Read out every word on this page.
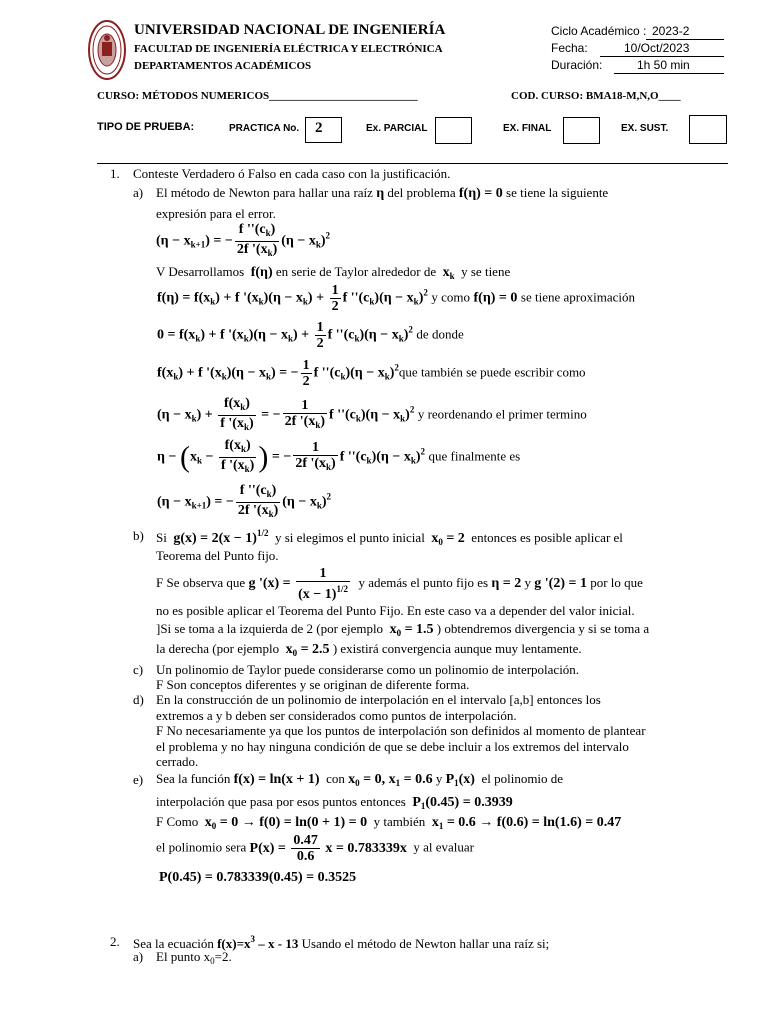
UNIVERSIDAD NACIONAL DE INGENIERÍA
FACULTAD DE INGENIERÍA ELÉCTRICA Y ELECTRÓNICA
DEPARTAMENTOS ACADÉMICOS
Ciclo Académico : 2023-2
Fecha:	10/Oct/2023
Duración:	1h 50 min
CURSO: MÉTODOS NUMERICOS___________________________	COD. CURSO: BMA18-M,N,O____
TIPO DE PRUEBA:	PRACTICA No. 2	Ex. PARCIAL	EX. FINAL	EX. SUST.
1. Conteste Verdadero ó Falso en cada caso con la justificación.
a) El método de Newton para hallar una raíz η del problema f(η) = 0 se tiene la siguiente
expresión para el error.
$(\eta - x_{k+1})$ = − $\frac{f ''(c_k)}{2f '(x_k)} (\eta - x_k)^2$
V Desarrollamos f(η) en serie de Taylor alrededor de $x_k$ y se tiene
$f(\eta) = f(x_k) + f$ '$(x_k)(\eta - x_k) + \frac{1}{2}$ f ''$(c_k)(\eta - x_k)^2$ y como f(η) = 0 se tiene aproximación
$0 = f(x_k) + f$ '$(x_k)(\eta - x_k) + \frac{1}{2}$ f ''$(c_k)(\eta - x_k)^2$ de donde
$f(x_k) + f$ '$(x_k)(\eta - x_k)$ = − $\frac{1}{2}$ f ''$(c_k)(\eta - x_k)^2que$ también se puede escribir como
$(\eta - x_k) + \frac{f(x_k)}{f '(x_k)}$ = − $\frac{1}{2f '(x_k)}$ f ''$(c_k)(\eta - x_k)^2$ y reordenando el primer termino
$\eta - (x_k - \frac{f(x_k)}{f '(x_k)}$ ) = − $\frac{1}{2f '(x_k)}$ f ''$(c_k)(\eta - x_k)^2$ que finalmente es
$(\eta - x_{k+1})$ = − $\frac{f ''(c_k)}{2f '(x_k)} (\eta - x_k)^2$
b) Si $g(x) = 2(x - 1)^{1/2}$ y si elegimos el punto inicial $x_0 = 2$ entonces es posible aplicar el
Teorema del Punto fijo.
F Se observa que g '$(x) = \frac{1}{(x - 1)^{1/2}}$ y además el punto fijo es η = 2 y g '(2) = 1 por lo que
no es posible aplicar el Teorema del Punto Fijo. En este caso va a depender del valor inicial.
]Si se toma a la izquierda de 2 (por ejemplo $x_0 = 1.5$ ) obtendremos divergencia y si se toma a
la derecha (por ejemplo $x_0 = 2.5$ ) existirá convergencia aunque muy lentamente.
c) Un polinomio de Taylor puede considerarse como un polinomio de interpolación.
F Son conceptos diferentes y se originan de diferente forma.
d) En la construcción de un polinomio de interpolación en el intervalo [a,b] entonces los
extremos a y b deben ser considerados como puntos de interpolación.
F No necesariamente ya que los puntos de interpolación son definidos al momento de plantear
el problema y no hay ninguna condición de que se debe incluir a los extremos del intervalo
cerrado.
e) Sea la función f(x) = ln(x + 1) con $x_0 = 0$, $x_1 = 0.6$ y $P_1(x)$ el polinomio de
interpolación que pasa por esos puntos entonces $P_1(0.45) = 0.3939$
F Como $x_0 = 0 \to f(0) = \ln(0 + 1) = 0$ y también $x_1 = 0.6 \to f(0.6) = \ln(1.6) = 0.47$
el polinomio sera $P(x) = \frac{0.47}{0.6}$ x = 0.783339x y al evaluar
P(0.45) = 0.783339(0.45) = 0.3525
2. Sea la ecuación $f(x)=x^3 - x - 13$ Usando el método de Newton hallar una raíz si;
a) El punto $x_0=2$.
